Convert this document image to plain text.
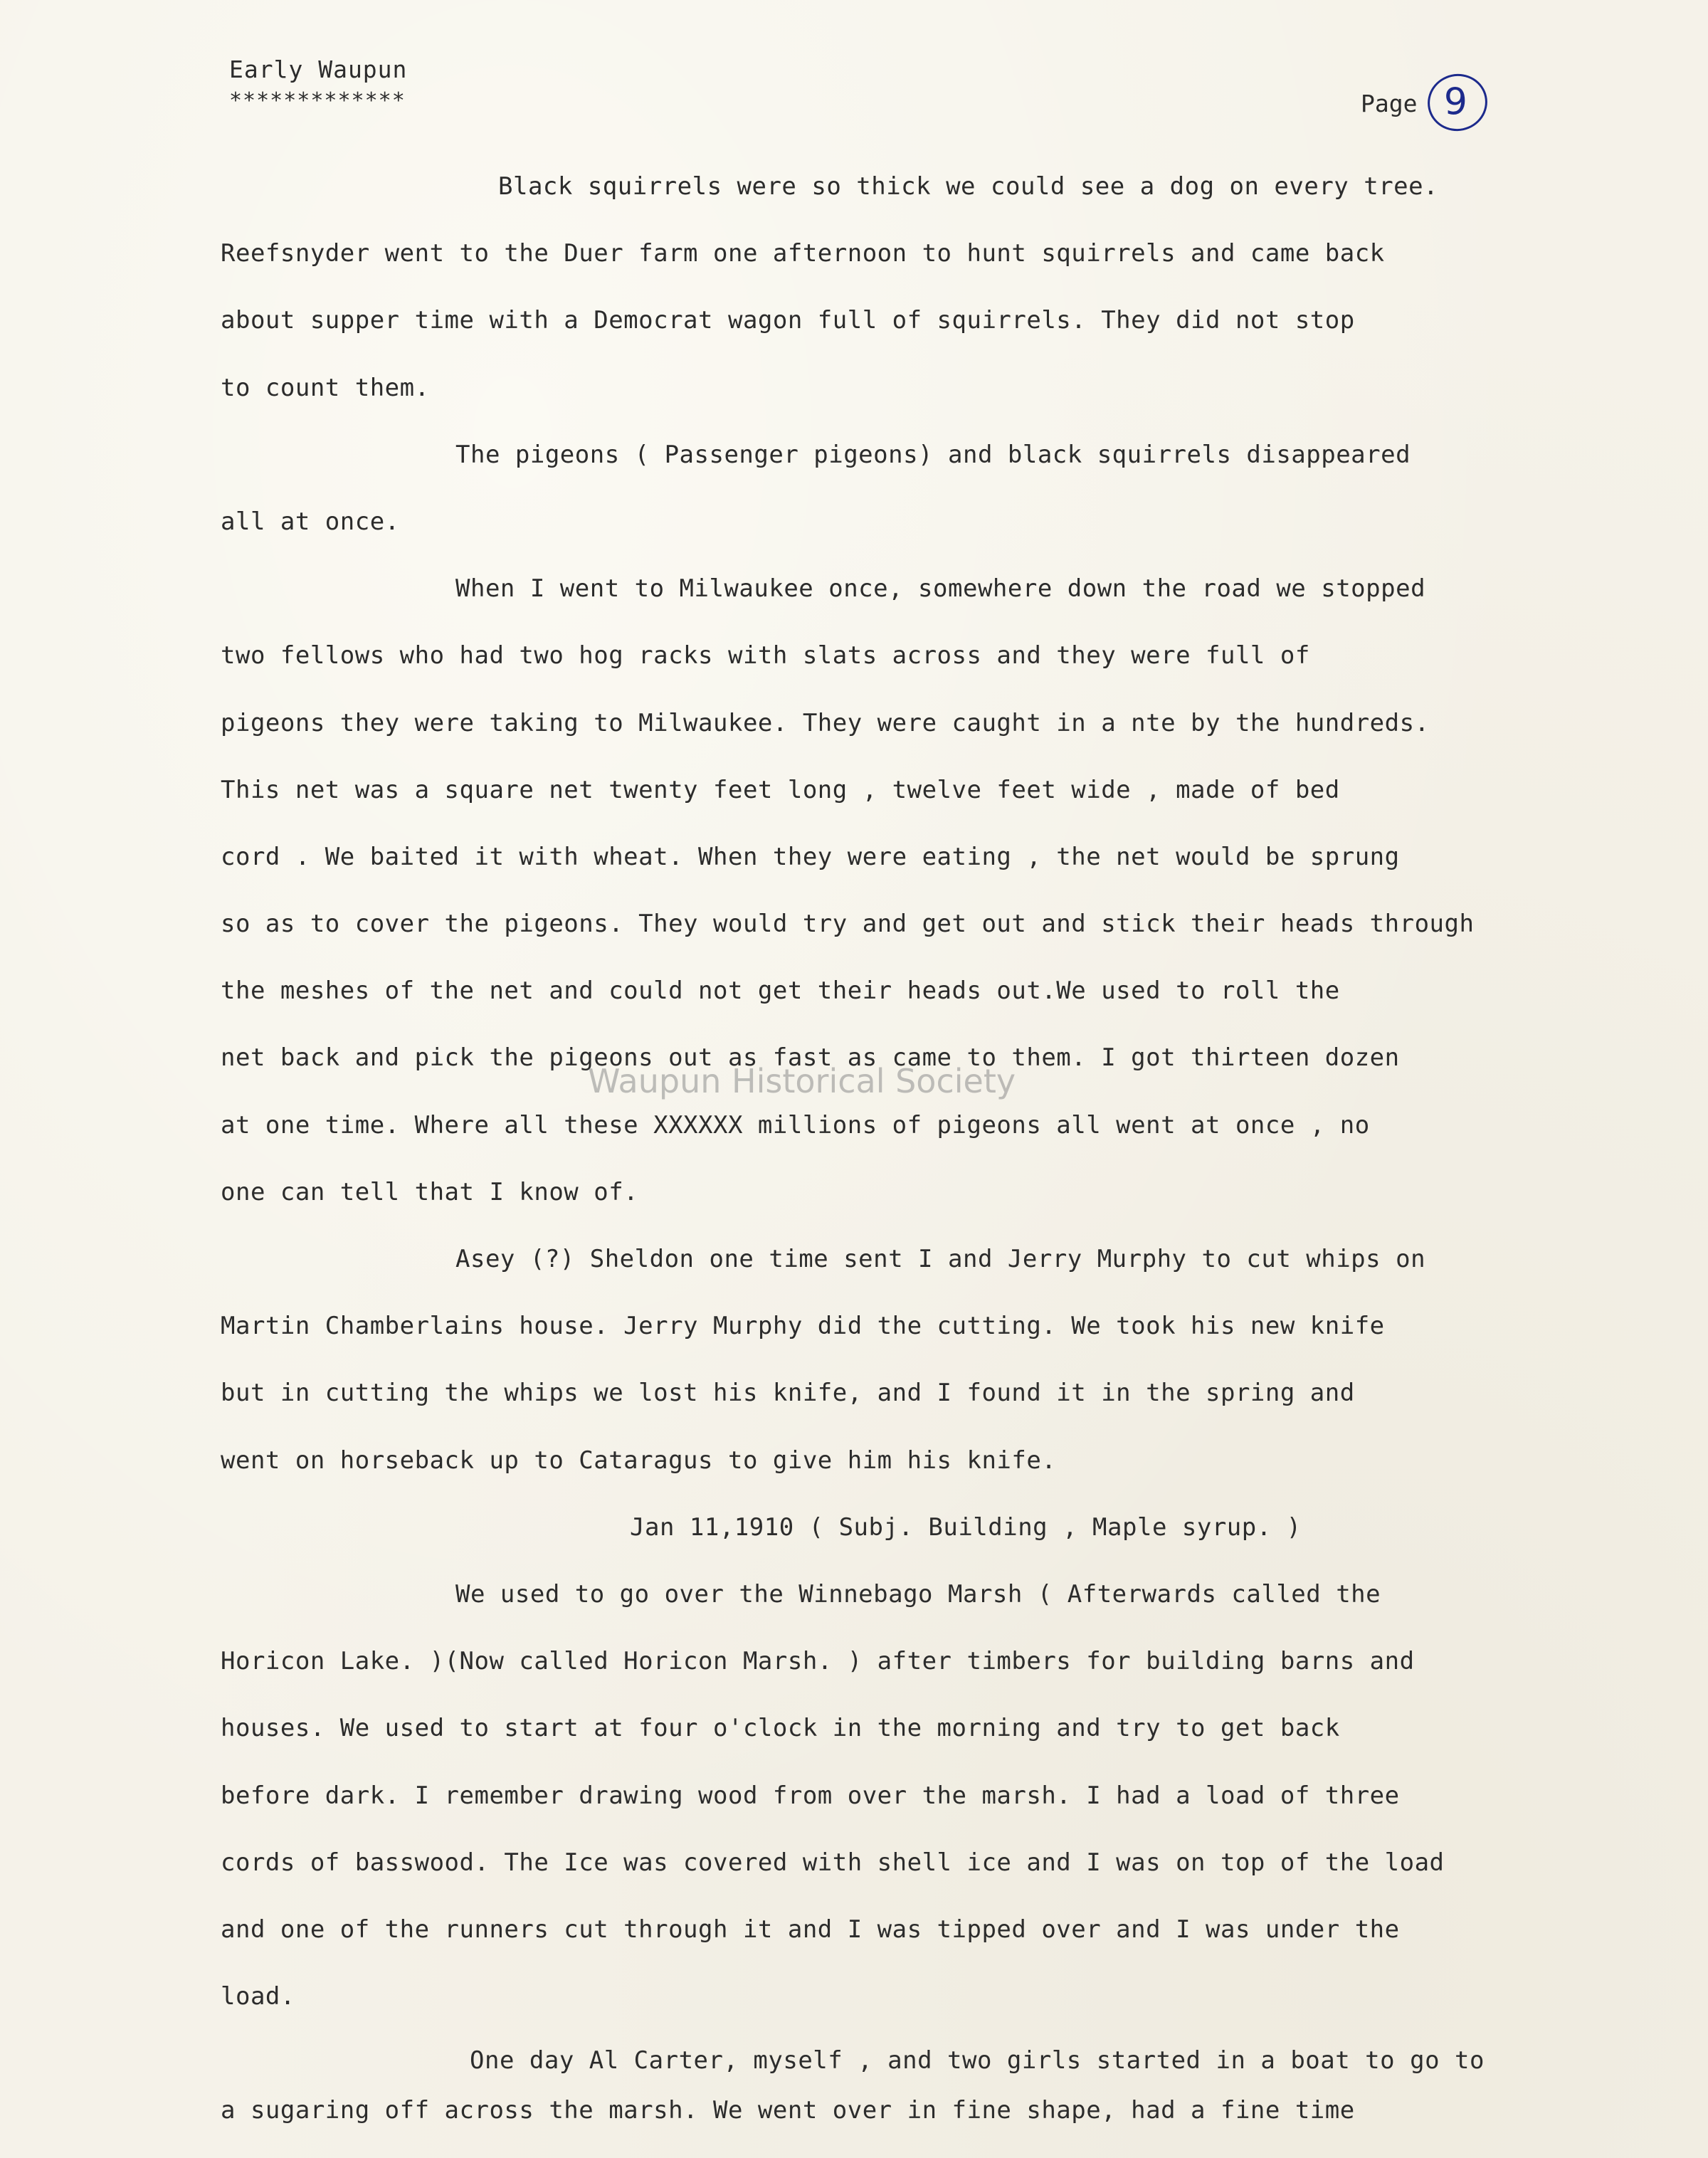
Early Waupun
*************	Page 9
Black squirrels were so thick we could see a dog on every tree.
Reefsnyder went to the Duer farm one afternoon to hunt squirrels and came back
about supper time with a Democrat wagon full of squirrels. They did not stop
to count them.
The pigeons ( Passenger pigeons) and black squirrels disappeared
all at once.
When I went to Milwaukee once, somewhere down the road we stopped
two fellows who had two hog racks with slats across and they were full of
pigeons they were taking to Milwaukee. They were caught in a nte by the hundreds.
This net was a square net twenty feet long , twelve feet wide , made of bed
cord . We baited it with wheat. When they were eating , the net would be sprung
so as to cover the pigeons. They would try and get out and stick their heads through
the meshes of the net and could not get their heads out.We used to roll the
net back and pick the pigeons out as fast as came to them. I got thirteen dozen
at one time. Where all these XXXXXX millions of pigeons all went at once , no
one can tell that I know of.
Asey (?) Sheldon one time sent I and Jerry Murphy to cut whips on
Martin Chamberlains house. Jerry Murphy did the cutting. We took his new knife
but in cutting the whips we lost his knife, and I found it in the spring and
went on horseback up to Cataragus to give him his knife.
Jan 11,1910 ( Subj. Building , Maple syrup. )
We used to go over the Winnebago Marsh ( Afterwards called the
Horicon Lake. )(Now called Horicon Marsh. ) after timbers for building barns and
houses. We used to start at four o'clock in the morning and try to get back
before dark. I remember drawing wood from over the marsh. I had a load of three
cords of basswood. The Ice was covered with shell ice and I was on top of the load
and one of the runners cut through it and I was tipped over and I was under the
load.
One day Al Carter, myself , and two girls started in a boat to go to
a sugaring off across the marsh. We went over in fine shape, had a fine time
Waupun Historical Society
